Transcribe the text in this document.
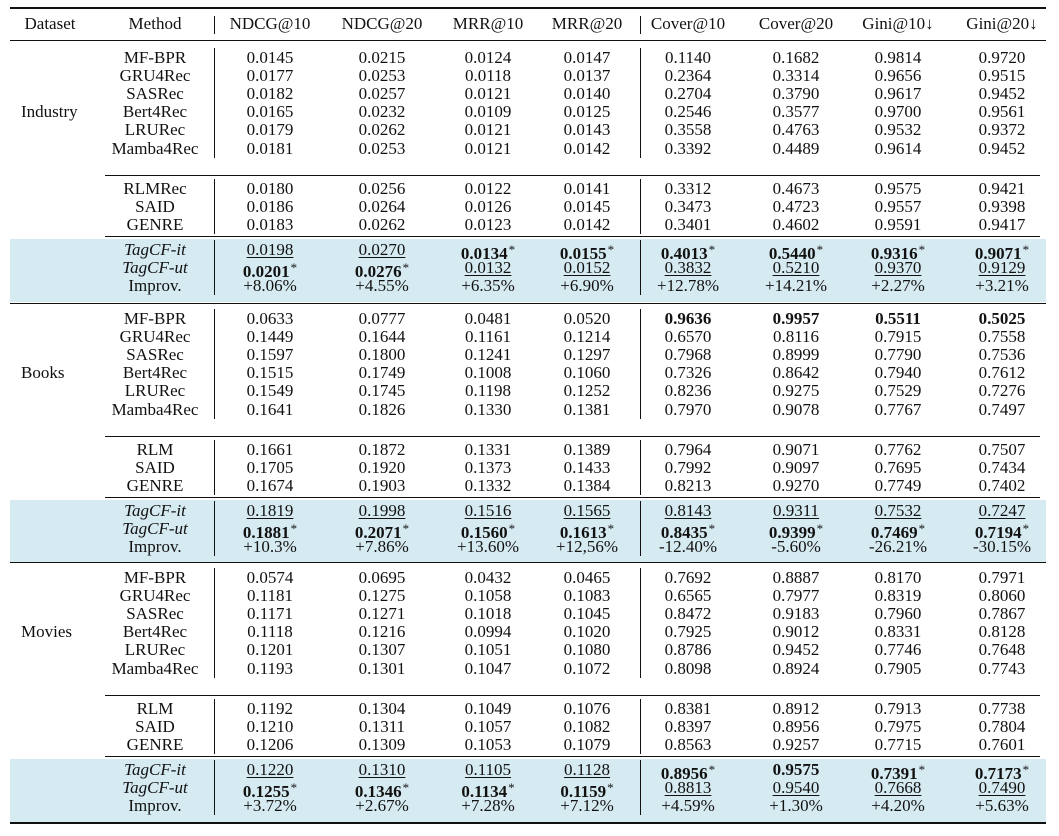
Dataset	Method	NDCG@10 NDCG@20 MRR@10 MRR@20 Cover@10 Cover@20 Gini@10↓ Gini@20↓
Industry
MF-BPR	0.0145	0.0215	0.0124	0.0147	0.1140	0.1682	0.9814	0.9720
GRU4Rec	0.0177	0.0253	0.0118	0.0137	0.2364	0.3314	0.9656	0.9515
SASRec	0.0182	0.0257	0.0121	0.0140	0.2704	0.3790	0.9617	0.9452
Bert4Rec	0.0165	0.0232	0.0109	0.0125	0.2546	0.3577	0.9700	0.9561
LRURec	0.0179	0.0262	0.0121	0.0143	0.3558	0.4763	0.9532	0.9372
Mamba4Rec	0.0181	0.0253	0.0121	0.0142	0.3392	0.4489	0.9614	0.9452
RLMRec	0.0180	0.0256	0.0122	0.0141	0.3312	0.4673	0.9575	0.9421
SAID	0.0186	0.0264	0.0126	0.0145	0.3473	0.4723	0.9557	0.9398
GENRE	0.0183	0.0262	0.0123	0.0142	0.3401	0.4602	0.9591	0.9417
TagCF-it	0.0198	0.0270	0.0134*	0.0155*	0.4013*	0.5440*	0.9316*	0.9071*
TagCF-ut	0.0201*	0.0276*	0.0132	0.0152	0.3832	0.5210	0.9370	0.9129
Improv.	+8.06%	+4.55%	+6.35%	+6.90%	+12.78%	+14.21%	+2.27%	+3.21%
Books
MF-BPR	0.0633	0.0777	0.0481	0.0520	0.9636	0.9957	0.5511	0.5025
GRU4Rec	0.1449	0.1644	0.1161	0.1214	0.6570	0.8116	0.7915	0.7558
SASRec	0.1597	0.1800	0.1241	0.1297	0.7968	0.8999	0.7790	0.7536
Bert4Rec	0.1515	0.1749	0.1008	0.1060	0.7326	0.8642	0.7940	0.7612
LRURec	0.1549	0.1745	0.1198	0.1252	0.8236	0.9275	0.7529	0.7276
Mamba4Rec	0.1641	0.1826	0.1330	0.1381	0.7970	0.9078	0.7767	0.7497
RLM	0.1661	0.1872	0.1331	0.1389	0.7964	0.9071	0.7762	0.7507
SAID	0.1705	0.1920	0.1373	0.1433	0.7992	0.9097	0.7695	0.7434
GENRE	0.1674	0.1903	0.1332	0.1384	0.8213	0.9270	0.7749	0.7402
TagCF-it	0.1819	0.1998	0.1516	0.1565	0.8143	0.9311	0.7532	0.7247
TagCF-ut	0.1881*	0.2071*	0.1560*	0.1613*	0.8435*	0.9399*	0.7469*	0.7194*
Improv.	+10.3%	+7.86%	+13.60% +12,56% -12.40%	-5.60%	-26.21%	-30.15%
Movies
MF-BPR	0.0574	0.0695	0.0432	0.0465	0.7692	0.8887	0.8170	0.7971
GRU4Rec	0.1181	0.1275	0.1058	0.1083	0.6565	0.7977	0.8319	0.8060
SASRec	0.1171	0.1271	0.1018	0.1045	0.8472	0.9183	0.7960	0.7867
Bert4Rec	0.1118	0.1216	0.0994	0.1020	0.7925	0.9012	0.8331	0.8128
LRURec	0.1201	0.1307	0.1051	0.1080	0.8786	0.9452	0.7746	0.7648
Mamba4Rec	0.1193	0.1301	0.1047	0.1072	0.8098	0.8924	0.7905	0.7743
RLM	0.1192	0.1304	0.1049	0.1076	0.8381	0.8912	0.7913	0.7738
SAID	0.1210	0.1311	0.1057	0.1082	0.8397	0.8956	0.7975	0.7804
GENRE	0.1206	0.1309	0.1053	0.1079	0.8563	0.9257	0.7715	0.7601
TagCF-it	0.1220	0.1310	0.1105	0.1128	0.8956*	0.9575	0.7391*	0.7173*
TagCF-ut	0.1255*	0.1346*	0.1134*	0.1159*	0.8813	0.9540	0.7668	0.7490
Improv.	+3.72%	+2.67%	+7.28%	+7.12%	+4.59%	+1.30%	+4.20%	+5.63%
